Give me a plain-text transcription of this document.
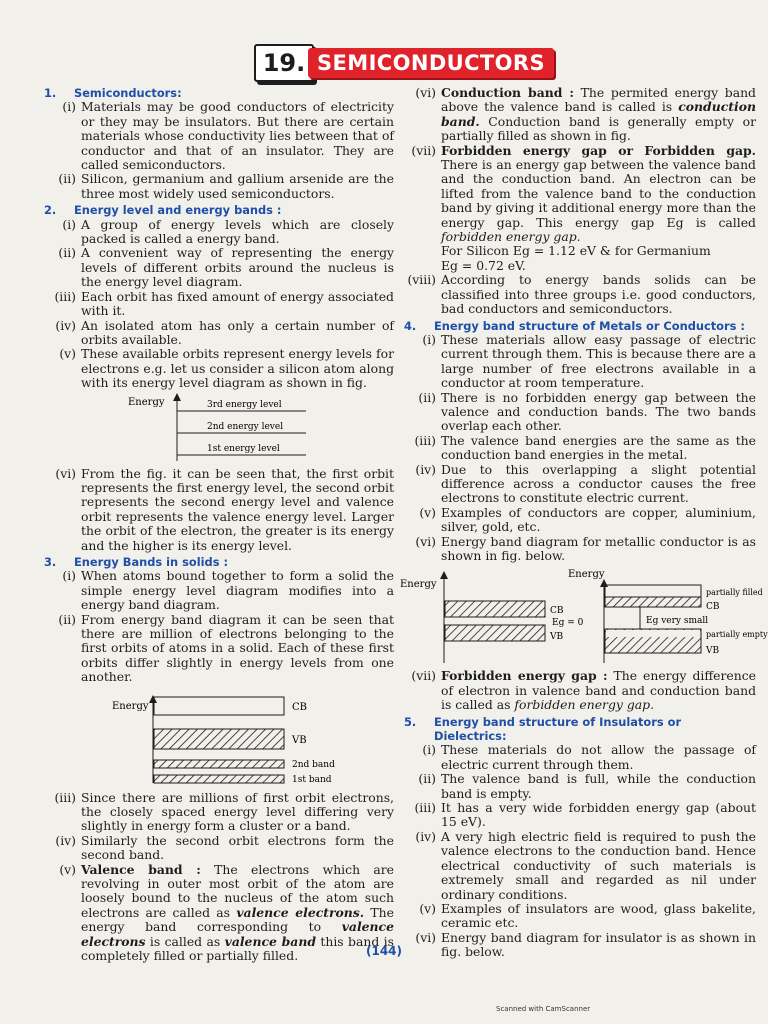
19. SEMICONDUCTORS
1.	Semiconductors:
(i) Materials may be good conductors of electricity or they may be insulators. But there are certain materials whose conductivity lies between that of conductor and that of an insulator. They are called semiconductors.
(ii) Silicon, germanium and gallium arsenide are the three most widely used semiconductors.
2.	Energy level and energy bands :
(i) A group of energy levels which are closely packed is called a energy band.
(ii) A convenient way of representing the energy levels of different orbits around the nucleus is the energy level diagram.
(iii) Each orbit has fixed amount of energy associated with it.
(iv) An isolated atom has only a certain number of orbits available.
(v) These available orbits represent energy levels for electrons e.g. let us consider a silicon atom along with its energy level diagram as shown in fig.
Energy	3rd energy level
2nd energy level
1st energy level
(vi) From the fig. it can be seen that, the first orbit represents the first energy level, the second orbit represents the second energy level and valence orbit represents the valence energy level. Larger the orbit of the electron, the greater is its energy and the higher is its energy level.
3.	Energy Bands in solids :
(i) When atoms bound together to form a solid the simple energy level diagram modifies into a energy band diagram.
(ii) From energy band diagram it can be seen that there are million of electrons belonging to the first orbits of atoms in a solid. Each of these first orbits differ slightly in energy levels from one another.
Energy	CB
VB
2nd band
1st band
(iii) Since there are millions of first orbit electrons, the closely spaced energy level differing very slightly in energy form a cluster or a band.
(iv) Similarly the second orbit electrons form the second band.
(v) Valence band : The electrons which are revolving in outer most orbit of the atom are loosely bound to the nucleus of the atom such electrons are called as valence electrons. The energy band corresponding to valence electrons is called as valence band this band is completely filled or partially filled.
(vi) Conduction band : The permited energy band above the valence band is called is conduction band. Conduction band is generally empty or partially filled as shown in fig.
(vii) Forbidden energy gap or Forbidden gap. There is an energy gap between the valence band and the conduction band. An electron can be lifted from the valence band to the conduction band by giving it additional energy more than the energy gap. This energy gap Eg is called forbidden energy gap.
For Silicon Eg = 1.12 eV & for Germanium
Eg = 0.72 eV.
(viii) According to energy bands solids can be classified into three groups i.e. good conductors, bad conductors and semiconductors.
4.	Energy band structure of Metals or Conductors :
(i) These materials allow easy passage of electric current through them. This is because there are a large number of free electrons available in a conductor at room temperature.
(ii) There is no forbidden energy gap between the valence and conduction bands. The two bands overlap each other.
(iii) The valence band energies are the same as the conduction band energies in the metal.
(iv) Due to this overlapping a slight potential difference across a conductor causes the free electrons to constitute electric current.
(v) Examples of conductors are copper, aluminium, silver, gold, etc.
(vi) Energy band diagram for metallic conductor is as shown in fig. below.
Energy
CB
Eg = 0
VB
Energy
Eg very small
partially filled
CB
partially empty
VB
(vii) Forbidden energy gap : The energy difference of electron in valence band and conduction band is called as forbidden energy gap.
5.	Energy band structure of Insulators or Dielectrics:
(i) These materials do not allow the passage of electric current through them.
(ii) The valence band is full, while the conduction band is empty.
(iii) It has a very wide forbidden energy gap (about 15 eV).
(iv) A very high electric field is required to push the valence electrons to the conduction band. Hence electrical conductivity of such materials is extremely small and regarded as nil under ordinary conditions.
(v) Examples of insulators are wood, glass bakelite, ceramic etc.
(vi) Energy band diagram for insulator is as shown in fig. below.
(144)
Scanned with CamScanner
